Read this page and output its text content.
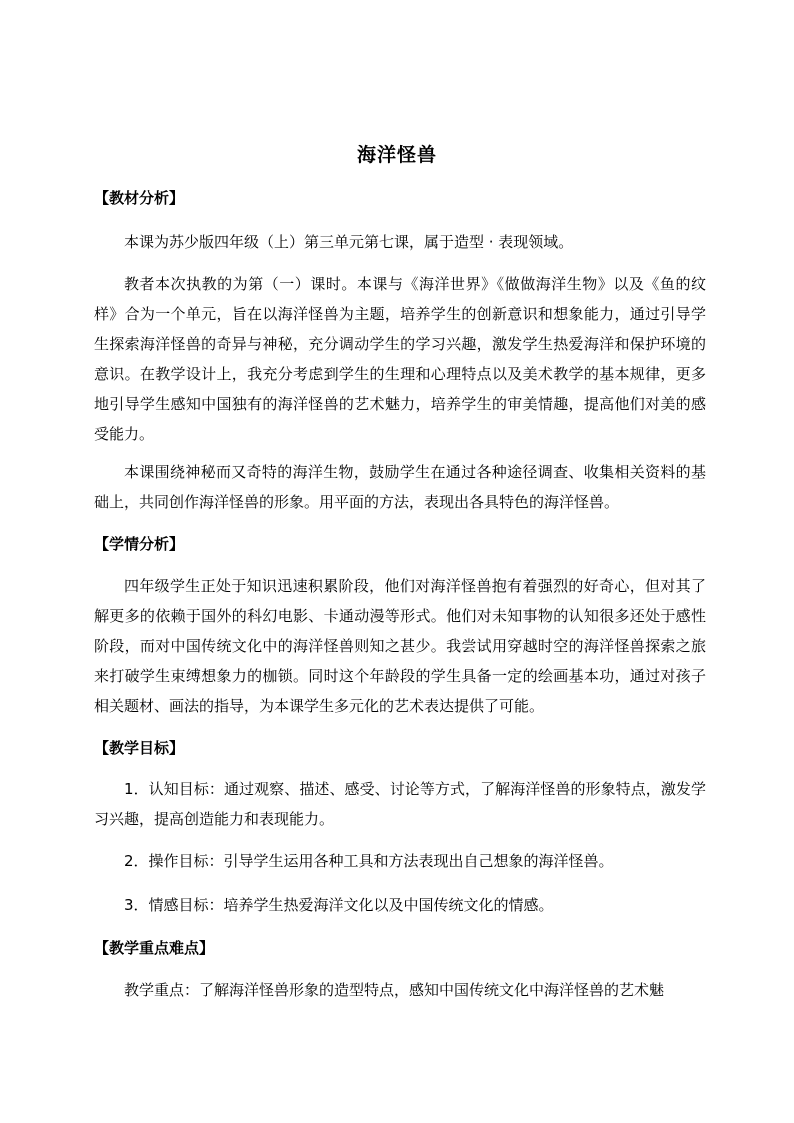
海洋怪兽
【教材分析】

本课为苏少版四年级（上）第三单元第七课，属于造型 · 表现领域。

教者本次执教的为第（一）课时。本课与《海洋世界》《做做海洋生物》以及《鱼的纹样》合为一个单元，旨在以海洋怪兽为主题，培养学生的创新意识和想象能力，通过引导学生探索海洋怪兽的奇异与神秘，充分调动学生的学习兴趣，激发学生热爱海洋和保护环境的意识。在教学设计上，我充分考虑到学生的生理和心理特点以及美术教学的基本规律，更多地引导学生感知中国独有的海洋怪兽的艺术魅力，培养学生的审美情趣，提高他们对美的感受能力。

本课围绕神秘而又奇特的海洋生物，鼓励学生在通过各种途径调查、收集相关资料的基础上，共同创作海洋怪兽的形象。用平面的方法，表现出各具特色的海洋怪兽。

【学情分析】

四年级学生正处于知识迅速积累阶段，他们对海洋怪兽抱有着强烈的好奇心，但对其了解更多的依赖于国外的科幻电影、卡通动漫等形式。他们对未知事物的认知很多还处于感性阶段，而对中国传统文化中的海洋怪兽则知之甚少。我尝试用穿越时空的海洋怪兽探索之旅来打破学生束缚想象力的枷锁。同时这个年龄段的学生具备一定的绘画基本功，通过对孩子相关题材、画法的指导，为本课学生多元化的艺术表达提供了可能。

【教学目标】

1．认知目标：通过观察、描述、感受、讨论等方式，了解海洋怪兽的形象特点，激发学习兴趣，提高创造能力和表现能力。

2．操作目标：引导学生运用各种工具和方法表现出自己想象的海洋怪兽。

3．情感目标：培养学生热爱海洋文化以及中国传统文化的情感。

【教学重点难点】

教学重点：了解海洋怪兽形象的造型特点，感知中国传统文化中海洋怪兽的艺术魅
